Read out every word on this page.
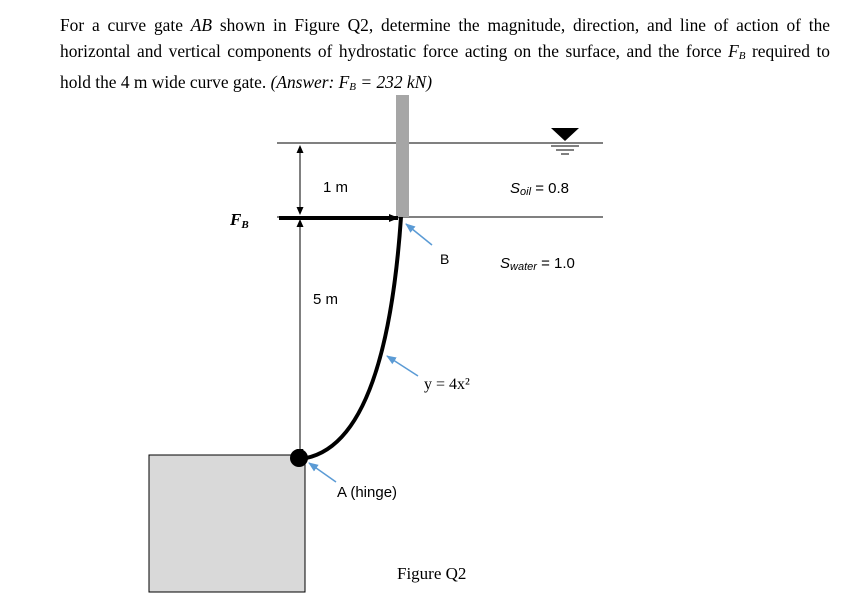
For a curve gate AB shown in Figure Q2, determine the magnitude, direction, and line of action of the horizontal and vertical components of hydrostatic force acting on the surface, and the force $F_B$ required to hold the 4 m wide curve gate. (Answer: $F_B = 232$ kN)

FB
1 m
5 m
B
y = 4x²
A (hinge)
Soil = 0.8
Swater = 1.0
Figure Q2
